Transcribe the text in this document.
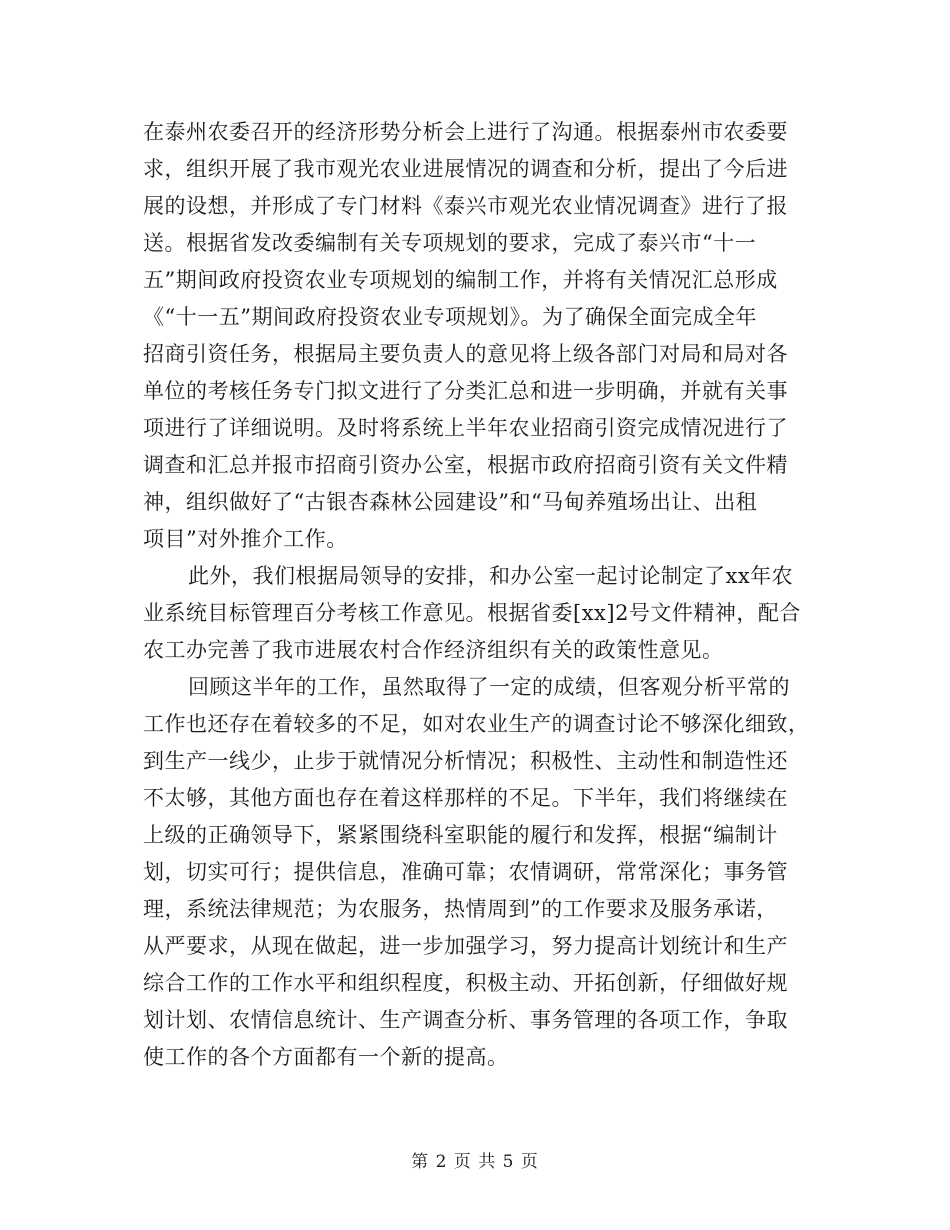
在泰州农委召开的经济形势分析会上进行了沟通。根据泰州市农委要
求，组织开展了我市观光农业进展情况的调查和分析，提出了今后进
展的设想，并形成了专门材料《泰兴市观光农业情况调查》进行了报
送。根据省发改委编制有关专项规划的要求，完成了泰兴市“十一
五”期间政府投资农业专项规划的编制工作，并将有关情况汇总形成
《“十一五”期间政府投资农业专项规划》。为了确保全面完成全年
招商引资任务，根据局主要负责人的意见将上级各部门对局和局对各
单位的考核任务专门拟文进行了分类汇总和进一步明确，并就有关事
项进行了详细说明。及时将系统上半年农业招商引资完成情况进行了
调查和汇总并报市招商引资办公室，根据市政府招商引资有关文件精
神，组织做好了“古银杏森林公园建设”和“马甸养殖场出让、出租
项目”对外推介工作。
此外，我们根据局领导的安排，和办公室一起讨论制定了xx年农
业系统目标管理百分考核工作意见。根据省委[xx]2号文件精神，配合
农工办完善了我市进展农村合作经济组织有关的政策性意见。
回顾这半年的工作，虽然取得了一定的成绩，但客观分析平常的
工作也还存在着较多的不足，如对农业生产的调查讨论不够深化细致，
到生产一线少，止步于就情况分析情况；积极性、主动性和制造性还
不太够，其他方面也存在着这样那样的不足。下半年，我们将继续在
上级的正确领导下，紧紧围绕科室职能的履行和发挥，根据“编制计
划，切实可行；提供信息，准确可靠；农情调研，常常深化；事务管
理，系统法律规范；为农服务，热情周到”的工作要求及服务承诺，
从严要求，从现在做起，进一步加强学习，努力提高计划统计和生产
综合工作的工作水平和组织程度，积极主动、开拓创新，仔细做好规
划计划、农情信息统计、生产调查分析、事务管理的各项工作，争取
使工作的各个方面都有一个新的提高。
第 2 页 共 5 页
